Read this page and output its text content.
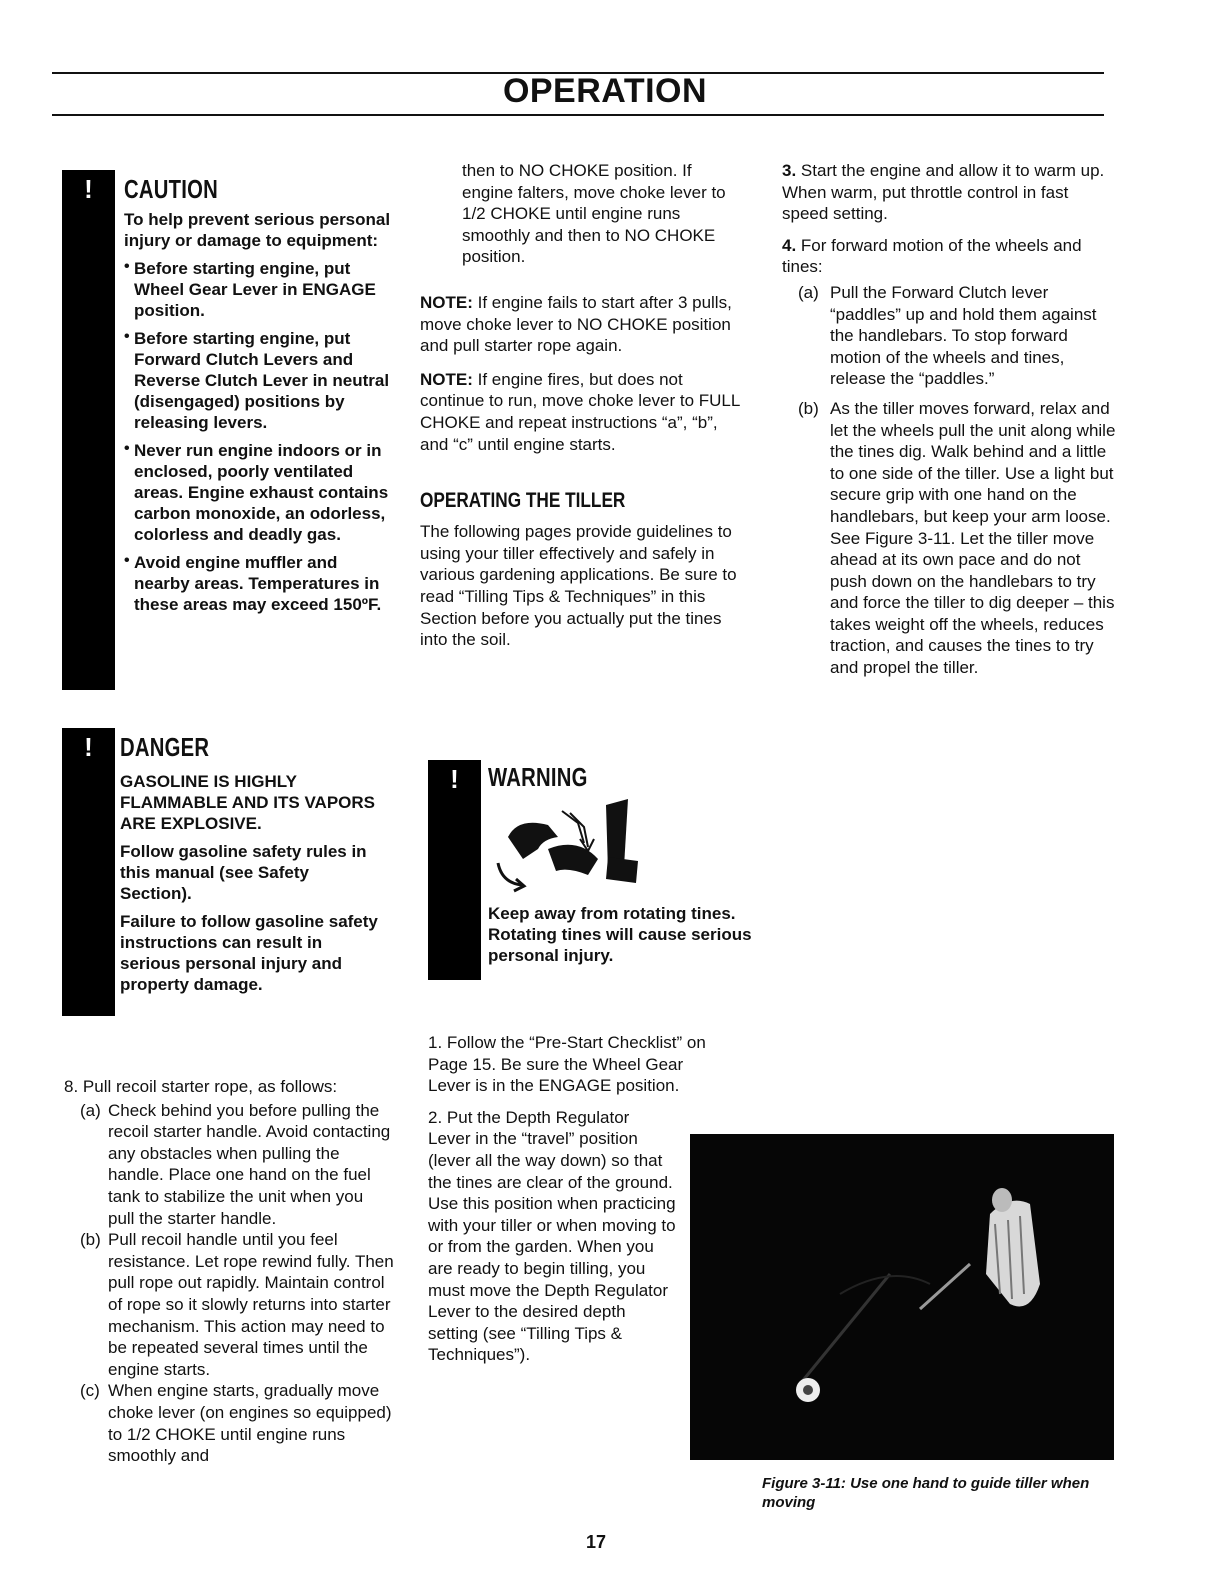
OPERATION
!	CAUTION

To help prevent serious personal injury or damage to equipment:

• Before starting engine, put Wheel Gear Lever in ENGAGE position.
• Before starting engine, put Forward Clutch Levers and Reverse Clutch Lever in neutral (disengaged) positions by releasing levers.
• Never run engine indoors or in enclosed, poorly ventilated areas. Engine exhaust contains carbon monoxide, an odorless, colorless and deadly gas.
• Avoid engine muffler and nearby areas. Temperatures in these areas may exceed 150ºF.
!	DANGER

GASOLINE IS HIGHLY FLAMMABLE AND ITS VAPORS ARE EXPLOSIVE.

Follow gasoline safety rules in this manual (see Safety Section).

Failure to follow gasoline safety instructions can result in serious personal injury and property damage.

8. Pull recoil starter rope, as follows:

(a) Check behind you before pulling the recoil starter handle. Avoid contacting any obstacles when pulling the handle. Place one hand on the fuel tank to stabilize the unit when you pull the starter handle.
(b) Pull recoil handle until you feel resistance. Let rope rewind fully. Then pull rope out rapidly. Maintain control of rope so it slowly returns into starter mechanism. This action may need to be repeated several times until the engine starts.
(c) When engine starts, gradually move choke lever (on engines so equipped) to 1/2 CHOKE until engine runs smoothly and

then to NO CHOKE position. If engine falters, move choke lever to 1/2 CHOKE until engine runs smoothly and then to NO CHOKE position.

NOTE: If engine fails to start after 3 pulls, move choke lever to NO CHOKE position and pull starter rope again.

NOTE: If engine fires, but does not continue to run, move choke lever to FULL CHOKE and repeat instructions “a”, “b”, and “c” until engine starts.

OPERATING THE TILLER

The following pages provide guidelines to using your tiller effectively and safely in various gardening applications. Be sure to read “Tilling Tips & Techniques” in this Section before you actually put the tines into the soil.

!	WARNING

Keep away from rotating tines. Rotating tines will cause serious personal injury.

1. Follow the “Pre-Start Checklist” on Page 15. Be sure the Wheel Gear Lever is in the ENGAGE position.

2. Put the Depth Regulator Lever in the “travel” position (lever all the way down) so that the tines are clear of the ground. Use this position when practicing with your tiller or when moving to or from the garden. When you are ready to begin tilling, you must move the Depth Regulator Lever to the desired depth setting (see “Tilling Tips & Techniques”).

3. Start the engine and allow it to warm up. When warm, put throttle control in fast speed setting.

4. For forward motion of the wheels and tines:

(a) Pull the Forward Clutch lever “paddles” up and hold them against the handlebars. To stop forward motion of the wheels and tines, release the “paddles.”
(b) As the tiller moves forward, relax and let the wheels pull the unit along while the tines dig. Walk behind and a little to one side of the tiller. Use a light but secure grip with one hand on the handlebars, but keep your arm loose. See Figure 3-11. Let the tiller move ahead at its own pace and do not push down on the handlebars to try and force the tiller to dig deeper – this takes weight off the wheels, reduces traction, and causes the tines to try and propel the tiller.
Figure 3-11: Use one hand to guide tiller when moving
17
